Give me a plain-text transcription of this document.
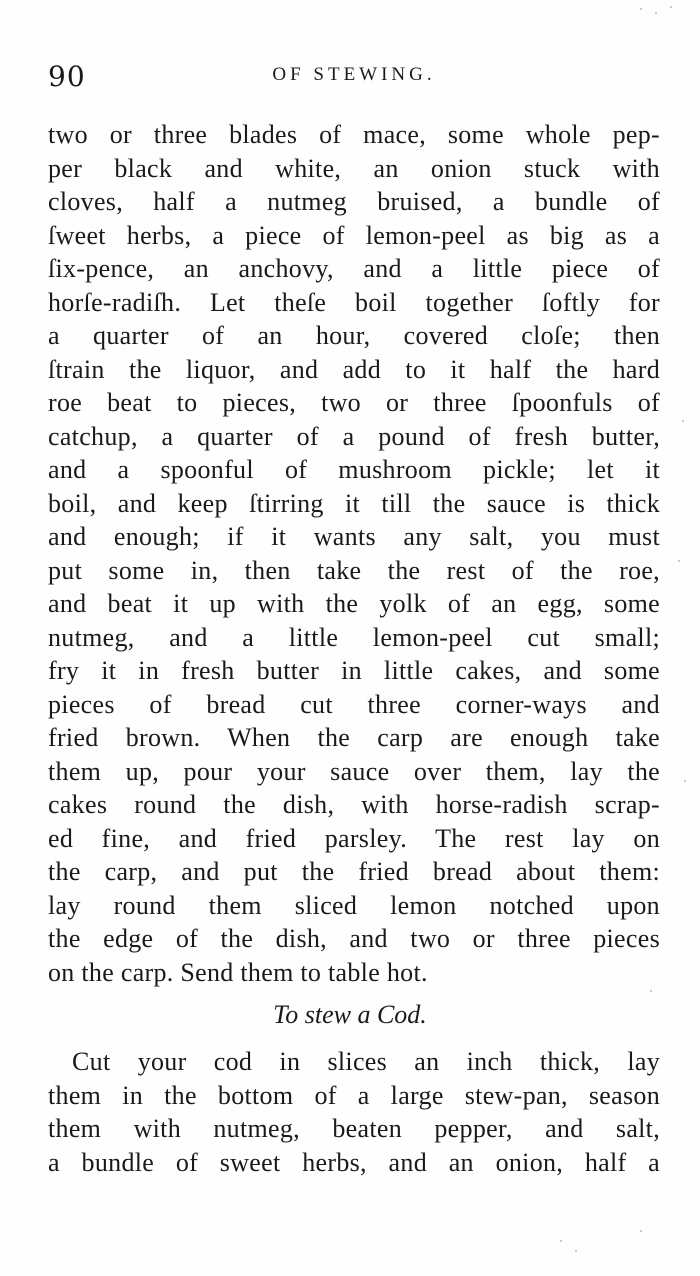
90	OF STEWING.
two or three blades of mace, some whole pep-
per black and white, an onion stuck with
cloves, half a nutmeg bruised, a bundle of
ſweet herbs, a piece of lemon-peel as big as a
ſix-pence, an anchovy, and a little piece of
horſe-radiſh. Let theſe boil together ſoftly for
a quarter of an hour, covered cloſe; then
ſtrain the liquor, and add to it half the hard
roe beat to pieces, two or three ſpoonfuls of
catchup, a quarter of a pound of fresh butter,
and a spoonful of mushroom pickle; let it
boil, and keep ſtirring it till the sauce is thick
and enough; if it wants any salt, you must
put some in, then take the rest of the roe,
and beat it up with the yolk of an egg, some
nutmeg, and a little lemon-peel cut small;
fry it in fresh butter in little cakes, and some
pieces of bread cut three corner-ways and
fried brown. When the carp are enough take
them up, pour your sauce over them, lay the
cakes round the dish, with horse-radish scrap-
ed fine, and fried parsley. The rest lay on
the carp, and put the fried bread about them:
lay round them sliced lemon notched upon
the edge of the dish, and two or three pieces
on the carp. Send them to table hot.
To stew a Cod.
Cut your cod in slices an inch thick, lay
them in the bottom of a large stew-pan, season
them with nutmeg, beaten pepper, and salt,
a bundle of sweet herbs, and an onion, half a
